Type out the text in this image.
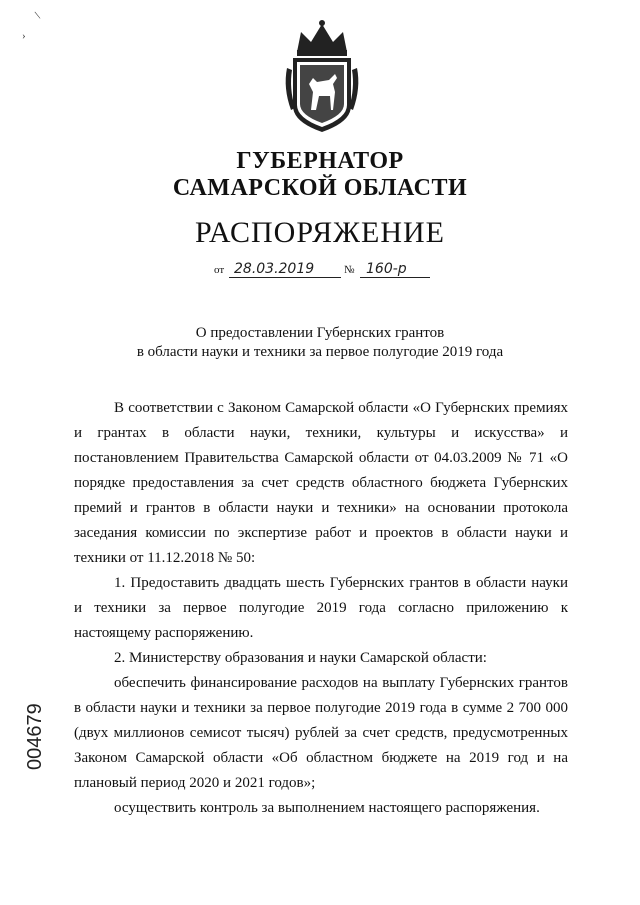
\
›
ГУБЕРНАТОР
САМАРСКОЙ ОБЛАСТИ
РАСПОРЯЖЕНИЕ
от 28.03.2019	№ 160-р
О предоставлении Губернских грантов
в области науки и техники за первое полугодие 2019 года

В соответствии с Законом Самарской области «О Губернских премиях и грантах в области науки, техники, культуры и искусства» и постановлением Правительства Самарской области от 04.03.2009 № 71 «О порядке предоставления за счет средств областного бюджета Губернских премий и грантов в области науки и техники» на основании протокола заседания комиссии по экспертизе работ и проектов в области науки и техники от 11.12.2018 № 50:

1. Предоставить двадцать шесть Губернских грантов в области науки и техники за первое полугодие 2019 года согласно приложению к настоящему распоряжению.

2. Министерству образования и науки Самарской области:

обеспечить финансирование расходов на выплату Губернских грантов в области науки и техники за первое полугодие 2019 года в сумме 2 700 000 (двух миллионов семисот тысяч) рублей за счет средств, предусмотренных Законом Самарской области «Об областном бюджете на 2019 год и на плановый период 2020 и 2021 годов»;

осуществить контроль за выполнением настоящего распоряжения.

004679
